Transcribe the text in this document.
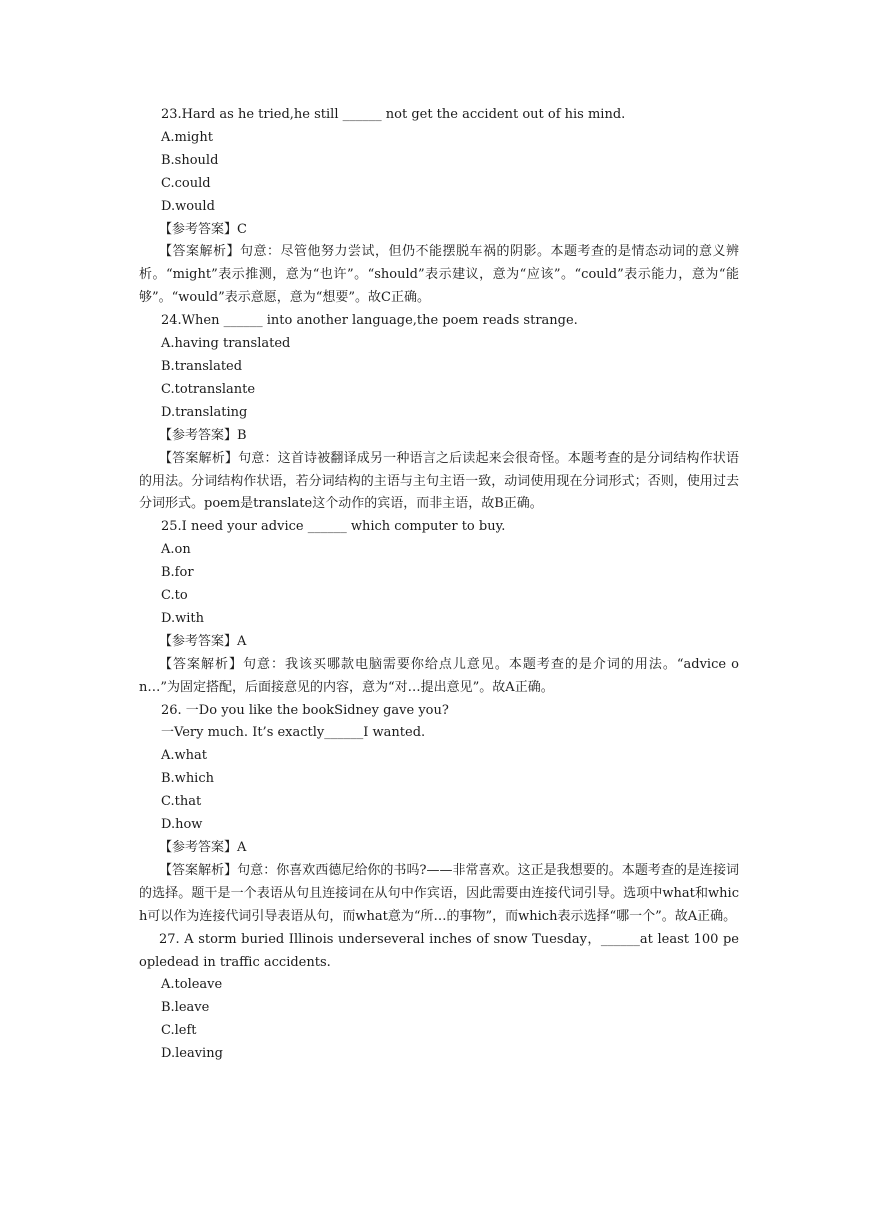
23.Hard as he tried,he still ______ not get the accident out of his mind.
A.might
B.should
C.could
D.would
【参考答案】C
【答案解析】句意：尽管他努力尝试，但仍不能摆脱车祸的阴影。本题考查的是情态动词的意义辨析。“might”表示推测，意为“也许”。“should”表示建议，意为“应该”。“could”表示能力，意为“能够”。“would”表示意愿，意为“想要”。故C正确。
24.When ______ into another language,the poem reads strange.
A.having translated
B.translated
C.totranslante
D.translating
【参考答案】B
【答案解析】句意：这首诗被翻译成另一种语言之后读起来会很奇怪。本题考查的是分词结构作状语的用法。分词结构作状语，若分词结构的主语与主句主语一致，动词使用现在分词形式；否则，使用过去分词形式。poem是translate这个动作的宾语，而非主语，故B正确。
25.I need your advice ______ which computer to buy.
A.on
B.for
C.to
D.with
【参考答案】A
【答案解析】句意：我该买哪款电脑需要你给点儿意见。本题考查的是介词的用法。“advice on…”为固定搭配，后面接意见的内容，意为“对…提出意见”。故A正确。
26. 一Do you like the bookSidney gave you?
一Very much. It’s exactly______I wanted.
A.what
B.which
C.that
D.how
【参考答案】A
【答案解析】句意：你喜欢西德尼给你的书吗?——非常喜欢。这正是我想要的。本题考查的是连接词的选择。题干是一个表语从句且连接词在从句中作宾语，因此需要由连接代词引导。选项中what和which可以作为连接代词引导表语从句，而what意为“所…的事物”，而which表示选择“哪一个”。故A正确。
27. A storm buried Illinois underseveral inches of snow Tuesday，______at least 100 peopledead in traffic accidents.
A.toleave
B.leave
C.left
D.leaving
